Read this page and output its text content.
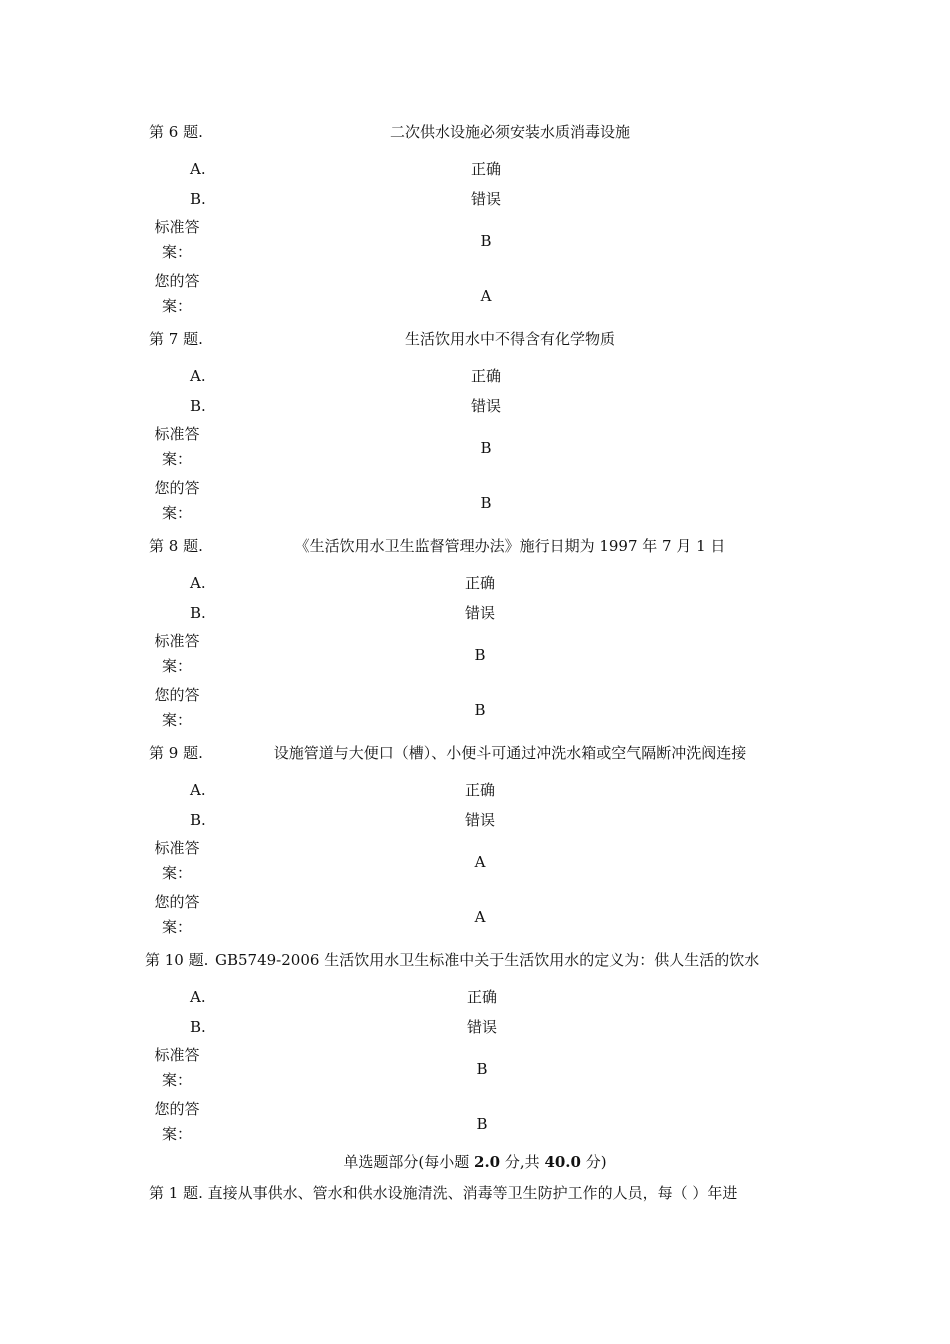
第 6 题.	二次供水设施必须安装水质消毒设施
A.	正确
B.	错误
标准答案：
B
您的答案：
A
第 7 题.	生活饮用水中不得含有化学物质
A.	正确
B.	错误
标准答案：
B
您的答案：
B
第 8 题.	《生活饮用水卫生监督管理办法》施行日期为 1997 年 7 月 1 日
A.	正确
B.	错误
标准答案：
B
您的答案：
B
第 9 题.	设施管道与大便口（槽）、小便斗可通过冲洗水箱或空气隔断冲洗阀连接
A.	正确
B.	错误
标准答案：
A
您的答案：
A
第 10 题. GB5749-2006 生活饮用水卫生标准中关于生活饮用水的定义为：供人生活的饮水
A.	正确
B.	错误
标准答案：
B
您的答案：
B
单选题部分(每小题 2.0 分,共 40.0 分)
第 1 题. 直接从事供水、管水和供水设施清洗、消毒等卫生防护工作的人员，每（ ）年进
